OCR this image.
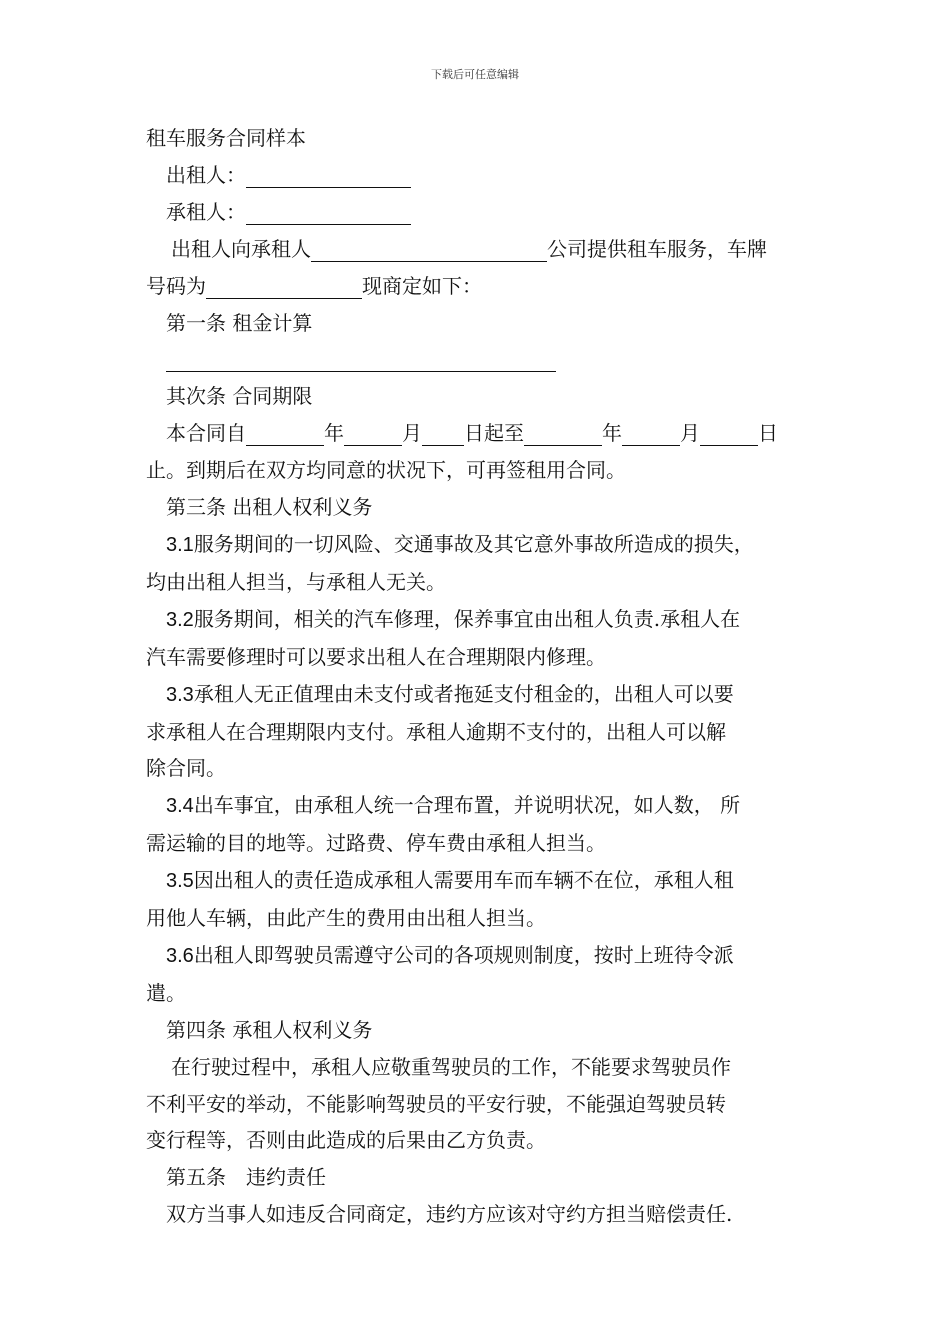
下载后可任意编辑
租车服务合同样本
出租人：
承租人：
出租人向承租人	公司提供租车服务，车牌
号码为	现商定如下：
第一条 租金计算
其次条 合同期限
本合同自	年	月 日起至	年	月	日
止。到期后在双方均同意的状况下，可再签租用合同。
第三条 出租人权利义务
3.1服务期间的一切风险、交通事故及其它意外事故所造成的损失，
均由出租人担当，与承租人无关。
3.2服务期间，相关的汽车修理，保养事宜由出租人负责.承租人在
汽车需要修理时可以要求出租人在合理期限内修理。
3.3承租人无正值理由未支付或者拖延支付租金的，出租人可以要
求承租人在合理期限内支付。承租人逾期不支付的，出租人可以解
除合同。
3.4出车事宜，由承租人统一合理布置，并说明状况，如人数， 所
需运输的目的地等。过路费、停车费由承租人担当。
3.5因出租人的责任造成承租人需要用车而车辆不在位，承租人租
用他人车辆，由此产生的费用由出租人担当。
3.6出租人即驾驶员需遵守公司的各项规则制度，按时上班待令派
遣。
第四条 承租人权利义务
在行驶过程中，承租人应敬重驾驶员的工作，不能要求驾驶员作
不利平安的举动，不能影响驾驶员的平安行驶，不能强迫驾驶员转
变行程等，否则由此造成的后果由乙方负责。
第五条　违约责任
双方当事人如违反合同商定，违约方应该对守约方担当赔偿责任.
